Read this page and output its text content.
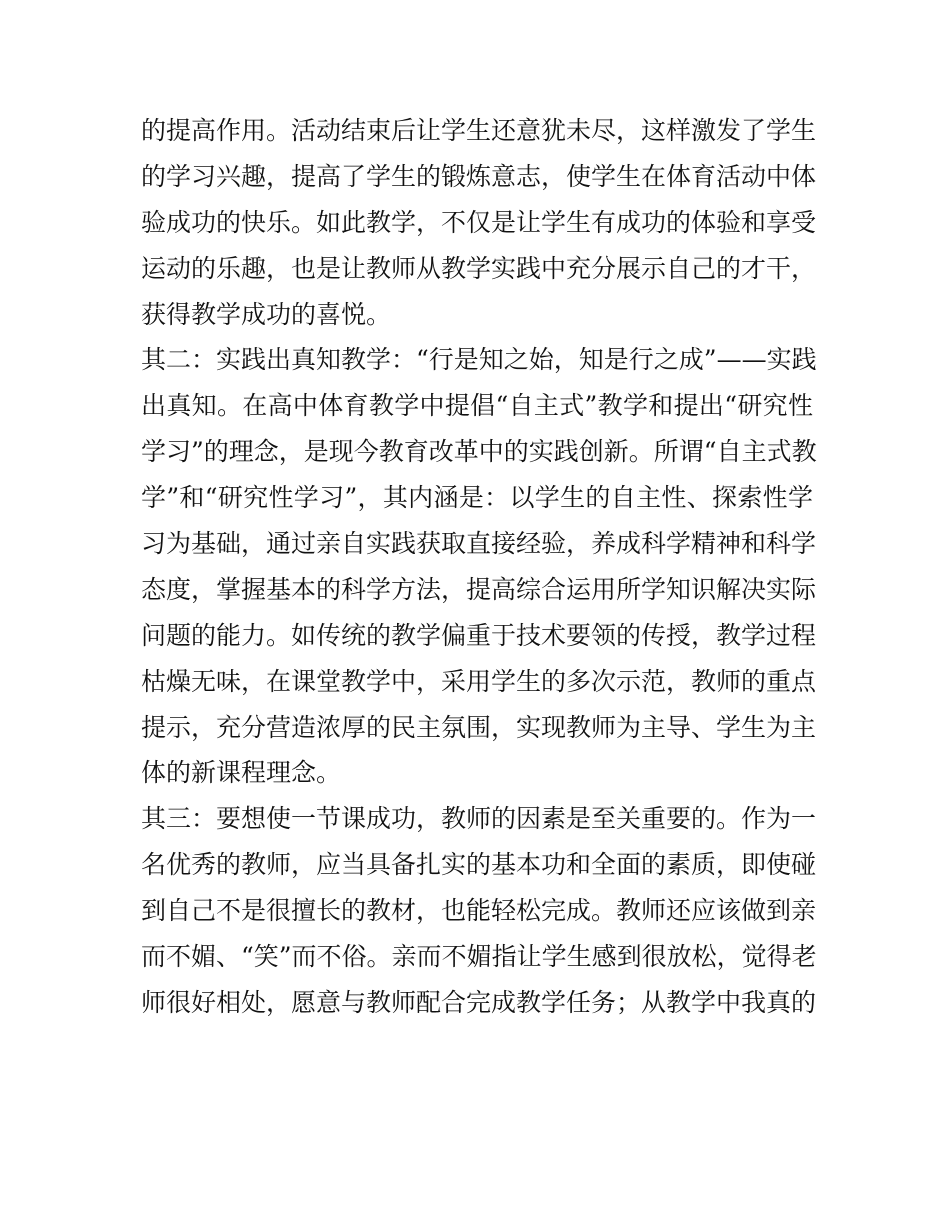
的提高作用。活动结束后让学生还意犹未尽，这样激发了学生
的学习兴趣，提高了学生的锻炼意志，使学生在体育活动中体
验成功的快乐。如此教学，不仅是让学生有成功的体验和享受
运动的乐趣，也是让教师从教学实践中充分展示自己的才干，
获得教学成功的喜悦。
其二：实践出真知教学：“行是知之始，知是行之成”——实践
出真知。在高中体育教学中提倡“自主式”教学和提出“研究性
学习”的理念，是现今教育改革中的实践创新。所谓“自主式教
学”和“研究性学习”，其内涵是：以学生的自主性、探索性学
习为基础，通过亲自实践获取直接经验，养成科学精神和科学
态度，掌握基本的科学方法，提高综合运用所学知识解决实际
问题的能力。如传统的教学偏重于技术要领的传授，教学过程
枯燥无味，在课堂教学中，采用学生的多次示范，教师的重点
提示，充分营造浓厚的民主氛围，实现教师为主导、学生为主
体的新课程理念。
其三：要想使一节课成功，教师的因素是至关重要的。作为一
名优秀的教师，应当具备扎实的基本功和全面的素质，即使碰
到自己不是很擅长的教材，也能轻松完成。教师还应该做到亲
而不媚、“笑”而不俗。亲而不媚指让学生感到很放松，觉得老
师很好相处，愿意与教师配合完成教学任务；从教学中我真的
